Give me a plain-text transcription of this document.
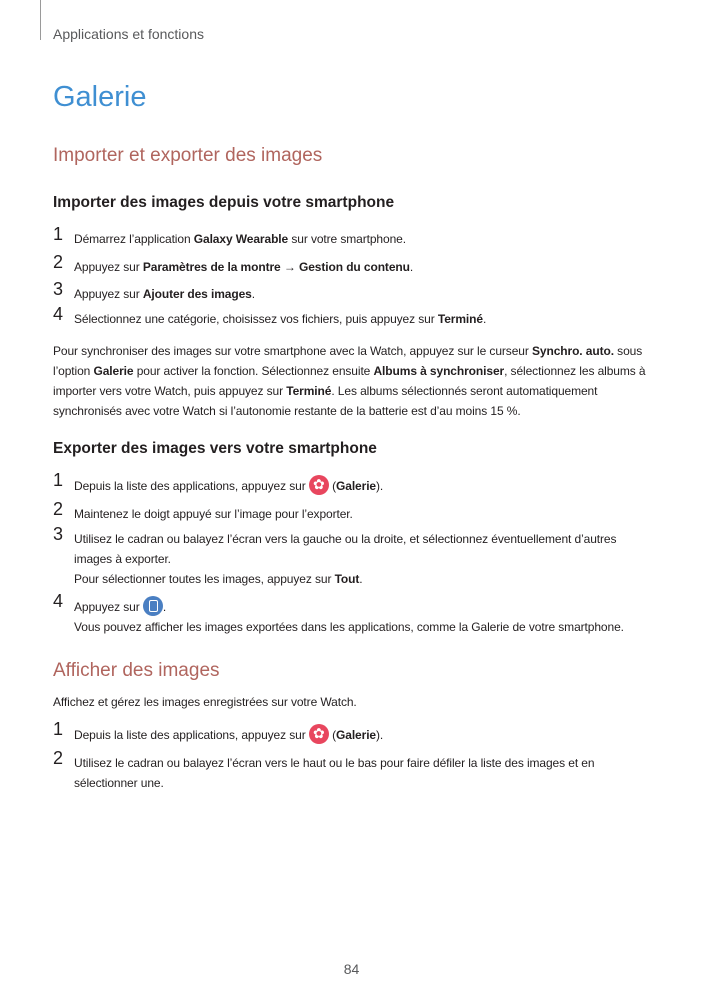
Applications et fonctions
Galerie
Importer et exporter des images
Importer des images depuis votre smartphone
1 Démarrez l’application Galaxy Wearable sur votre smartphone.
2 Appuyez sur Paramètres de la montre → Gestion du contenu.
3 Appuyez sur Ajouter des images.
4 Sélectionnez une catégorie, choisissez vos fichiers, puis appuyez sur Terminé.
Pour synchroniser des images sur votre smartphone avec la Watch, appuyez sur le curseur Synchro. auto. sous l’option Galerie pour activer la fonction. Sélectionnez ensuite Albums à synchroniser, sélectionnez les albums à importer vers votre Watch, puis appuyez sur Terminé. Les albums sélectionnés seront automatiquement synchronisés avec votre Watch si l’autonomie restante de la batterie est d’au moins 15 %.
Exporter des images vers votre smartphone
1 Depuis la liste des applications, appuyez sur ✿ (Galerie).
2 Maintenez le doigt appuyé sur l’image pour l’exporter.
3 Utilisez le cadran ou balayez l’écran vers la gauche ou la droite, et sélectionnez éventuellement d’autres images à exporter.
Pour sélectionner toutes les images, appuyez sur Tout.
4 Appuyez sur .
Vous pouvez afficher les images exportées dans les applications, comme la Galerie de votre smartphone.
Afficher des images
Affichez et gérez les images enregistrées sur votre Watch.
1 Depuis la liste des applications, appuyez sur ✿ (Galerie).
2 Utilisez le cadran ou balayez l’écran vers le haut ou le bas pour faire défiler la liste des images et en sélectionner une.
84
